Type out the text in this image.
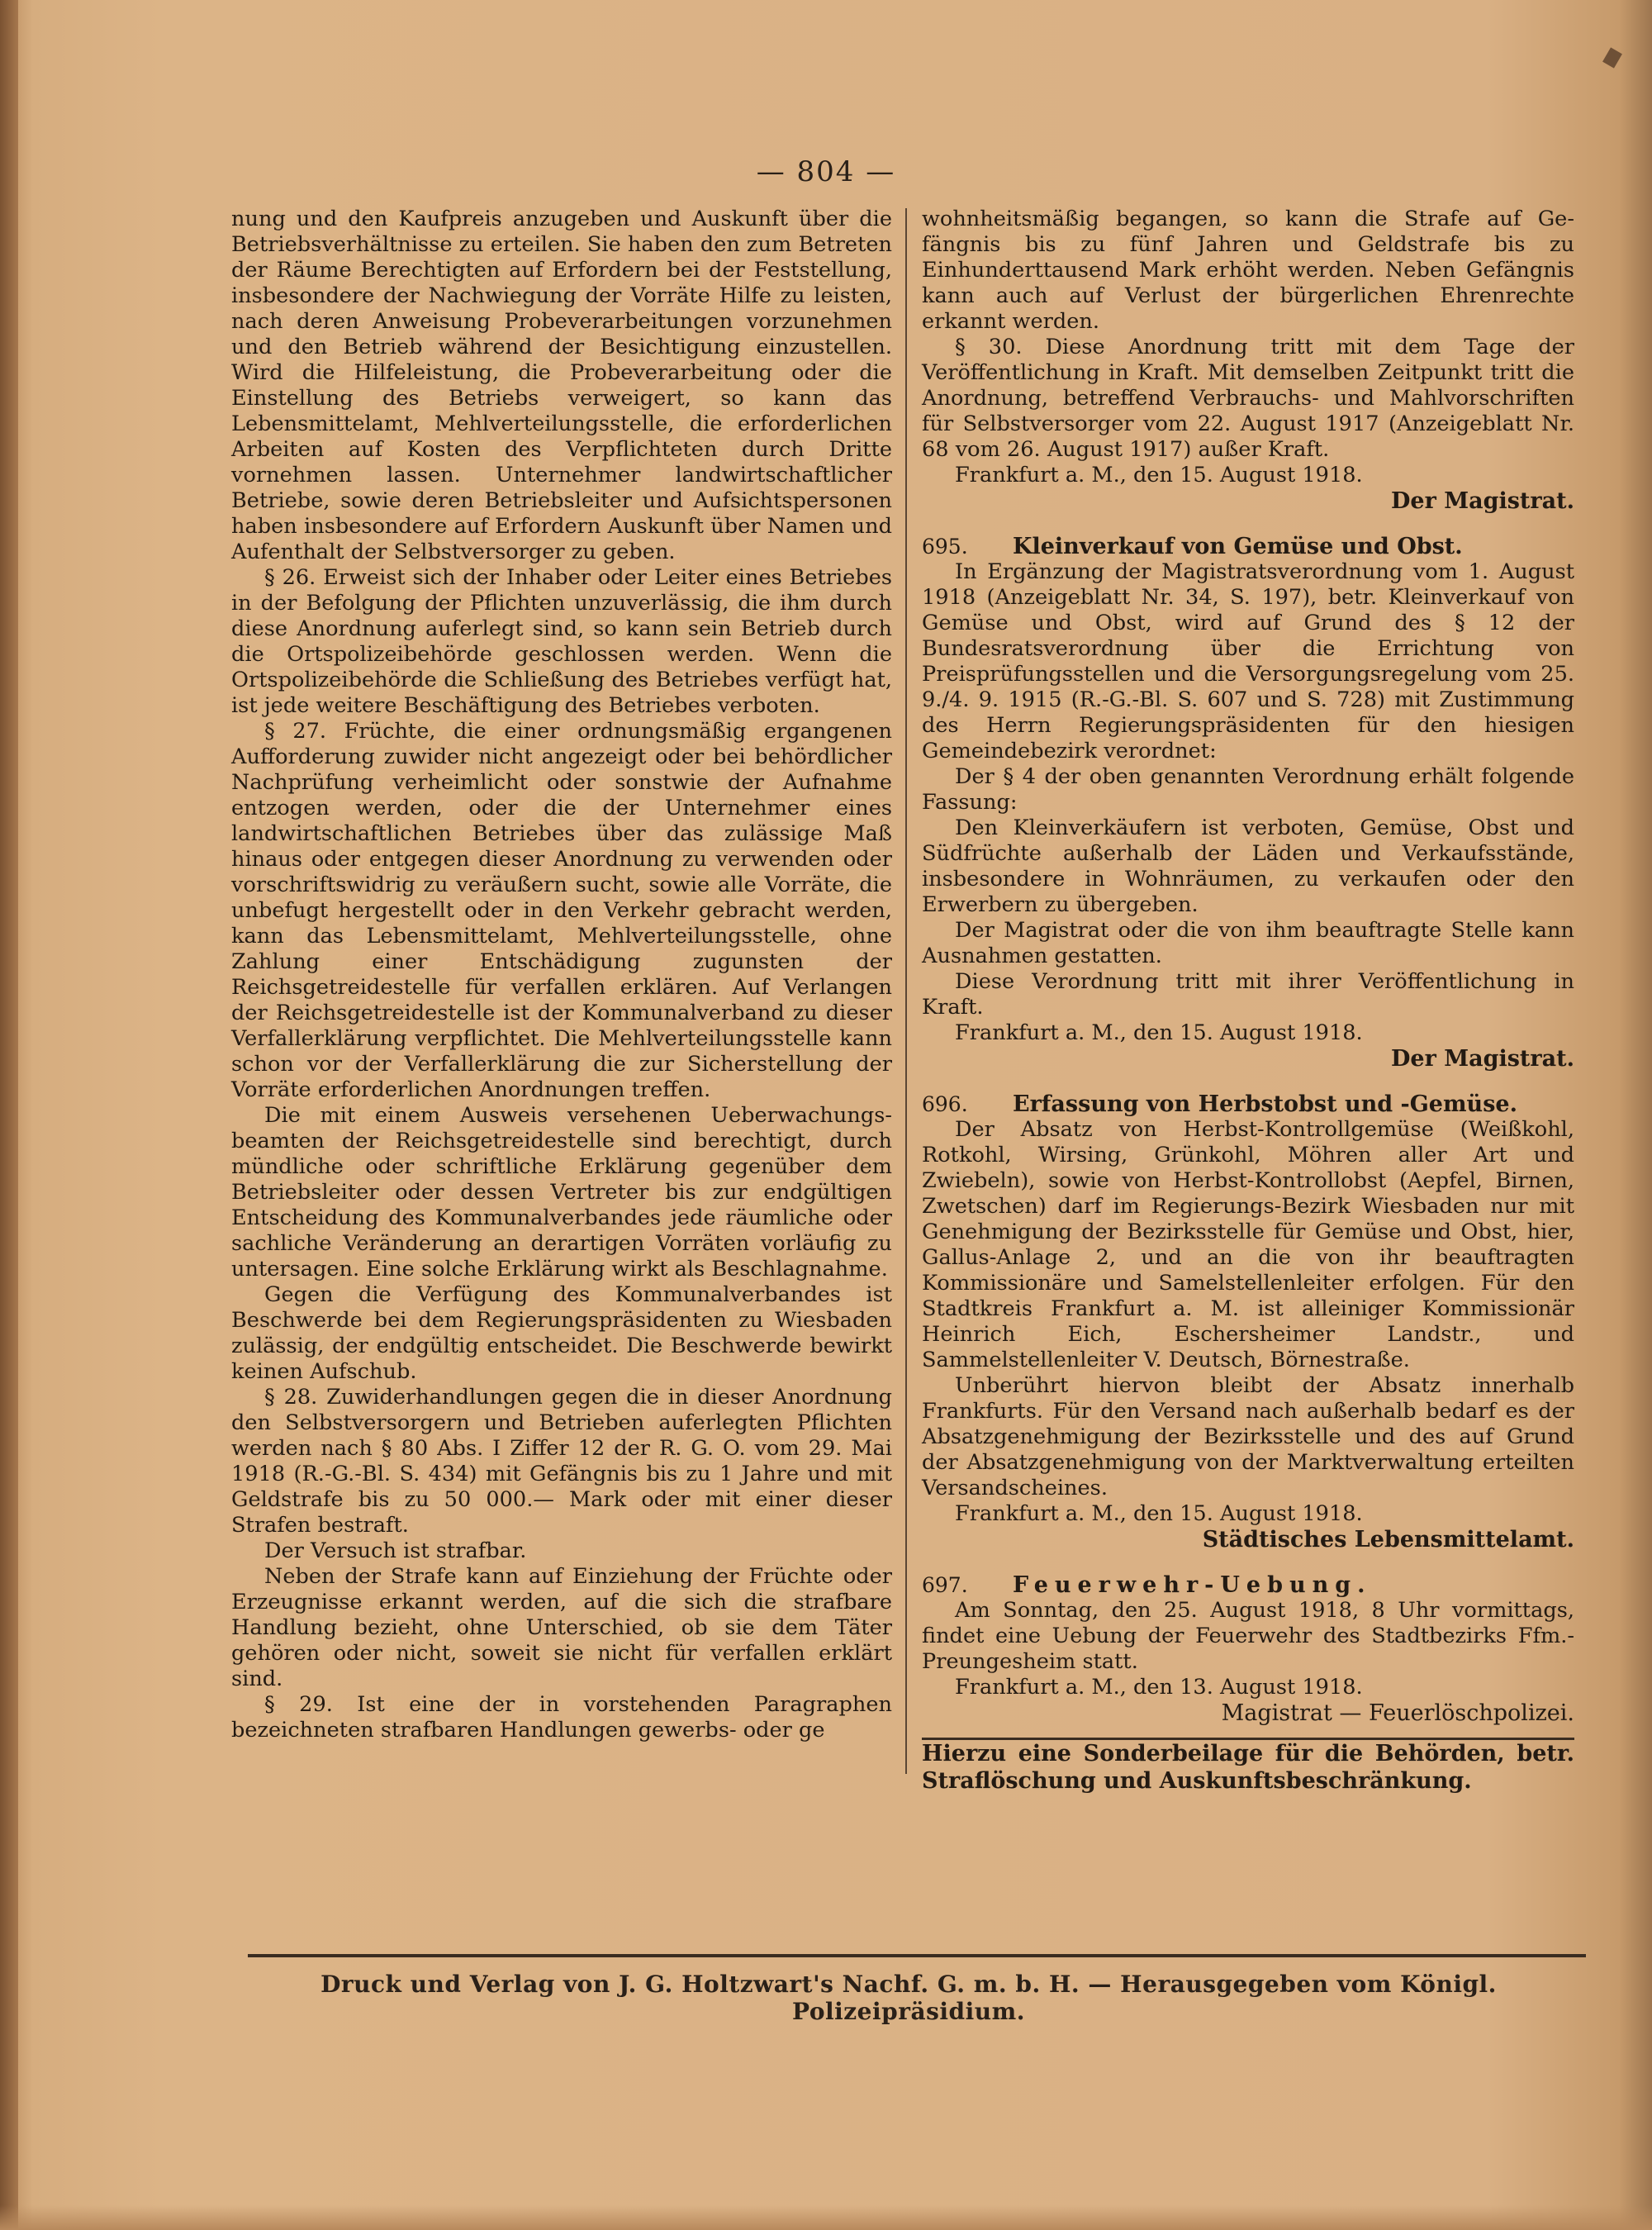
— 804 —

nung und den Kaufpreis anzugeben und Auskunft über die Betriebsverhältnisse zu erteilen. Sie haben den zum Betreten der Räume Berechtigten auf Erfordern bei der Feststellung, insbesondere der Nachwiegung der Vorräte Hilfe zu leisten, nach deren Anweisung Probeverarbeitungen vorzunehmen und den Betrieb während der Besichtigung einzustellen. Wird die Hilfeleistung, die Probeverarbeitung oder die Einstellung des Betriebs verweigert, so kann das Lebensmittelamt, Mehlverteilungsstelle, die erforderlichen Arbeiten auf Kosten des Verpflichteten durch Dritte vornehmen lassen. Unternehmer landwirtschaftlicher Betriebe, sowie deren Betriebsleiter und Aufsichtspersonen haben insbesondere auf Erfordern Auskunft über Namen und Aufenthalt der Selbstversorger zu geben.

§ 26. Erweist sich der Inhaber oder Leiter eines Betriebes in der Befolgung der Pflichten unzuverlässig, die ihm durch diese Anordnung auferlegt sind, so kann sein Betrieb durch die Ortspolizeibehörde geschlossen werden. Wenn die Ortspolizeibehörde die Schließung des Betriebes verfügt hat, ist jede weitere Beschäftigung des Betriebes verboten.

§ 27. Früchte, die einer ordnungsmäßig ergangenen Aufforderung zuwider nicht angezeigt oder bei behördlicher Nachprüfung verheimlicht oder sonstwie der Aufnahme entzogen werden, oder die der Unternehmer eines landwirtschaftlichen Betriebes über das zulässige Maß hinaus oder entgegen dieser Anordnung zu verwenden oder vorschriftswidrig zu veräußern sucht, sowie alle Vorräte, die unbefugt hergestellt oder in den Verkehr gebracht werden, kann das Lebensmittelamt, Mehlverteilungsstelle, ohne Zahlung einer Entschädigung zugunsten der Reichsgetreidestelle für verfallen erklären. Auf Verlangen der Reichsgetreidestelle ist der Kommunalverband zu dieser Verfallerklärung verpflichtet. Die Mehlverteilungsstelle kann schon vor der Verfallerklärung die zur Sicherstellung der Vorräte erforderlichen Anordnungen treffen.

Die mit einem Ausweis versehenen Ueberwachungsbeamten der Reichsgetreidestelle sind berechtigt, durch mündliche oder schriftliche Erklärung gegenüber dem Betriebsleiter oder dessen Vertreter bis zur endgültigen Entscheidung des Kommunalverbandes jede räumliche oder sachliche Veränderung an derartigen Vorräten vorläufig zu untersagen. Eine solche Erklärung wirkt als Beschlagnahme.

Gegen die Verfügung des Kommunalverbandes ist Beschwerde bei dem Regierungspräsidenten zu Wiesbaden zulässig, der endgültig entscheidet. Die Beschwerde bewirkt keinen Aufschub.

§ 28. Zuwiderhandlungen gegen die in dieser Anordnung den Selbstversorgern und Betrieben auferlegten Pflichten werden nach § 80 Abs. I Ziffer 12 der R. G. O. vom 29. Mai 1918 (R.-G.-Bl. S. 434) mit Gefängnis bis zu 1 Jahre und mit Geldstrafe bis zu 50 000.— Mark oder mit einer dieser Strafen bestraft.

Der Versuch ist strafbar.

Neben der Strafe kann auf Einziehung der Früchte oder Erzeugnisse erkannt werden, auf die sich die strafbare Handlung bezieht, ohne Unterschied, ob sie dem Täter gehören oder nicht, soweit sie nicht für verfallen erklärt sind.

§ 29. Ist eine der in vorstehenden Paragraphen bezeichneten strafbaren Handlungen gewerbs- oder ge

wohnheitsmäßig begangen, so kann die Strafe auf Gefängnis bis zu fünf Jahren und Geldstrafe bis zu Einhunderttausend Mark erhöht werden. Neben Gefängnis kann auch auf Verlust der bürgerlichen Ehrenrechte erkannt werden.

§ 30. Diese Anordnung tritt mit dem Tage der Veröffentlichung in Kraft. Mit demselben Zeitpunkt tritt die Anordnung, betreffend Verbrauchs- und Mahlvorschriften für Selbstversorger vom 22. August 1917 (Anzeigeblatt Nr. 68 vom 26. August 1917) außer Kraft.

Frankfurt a. M., den 15. August 1918.

Der Magistrat.

695.	Kleinverkauf von Gemüse und Obst.

In Ergänzung der Magistratsverordnung vom 1. August 1918 (Anzeigeblatt Nr. 34, S. 197), betr. Kleinverkauf von Gemüse und Obst, wird auf Grund des § 12 der Bundesratsverordnung über die Errichtung von Preisprüfungsstellen und die Versorgungsregelung vom 25. 9./4. 9. 1915 (R.-G.-Bl. S. 607 und S. 728) mit Zustimmung des Herrn Regierungspräsidenten für den hiesigen Gemeindebezirk verordnet:

Der § 4 der oben genannten Verordnung erhält folgende Fassung:

Den Kleinverkäufern ist verboten, Gemüse, Obst und Südfrüchte außerhalb der Läden und Verkaufsstände, insbesondere in Wohnräumen, zu verkaufen oder den Erwerbern zu übergeben.

Der Magistrat oder die von ihm beauftragte Stelle kann Ausnahmen gestatten.

Diese Verordnung tritt mit ihrer Veröffentlichung in Kraft.

Frankfurt a. M., den 15. August 1918.

Der Magistrat.

696.	Erfassung von Herbstobst und -Gemüse.

Der Absatz von Herbst-Kontrollgemüse (Weißkohl, Rotkohl, Wirsing, Grünkohl, Möhren aller Art und Zwiebeln), sowie von Herbst-Kontrollobst (Aepfel, Birnen, Zwetschen) darf im Regierungs-Bezirk Wiesbaden nur mit Genehmigung der Bezirksstelle für Gemüse und Obst, hier, Gallus-Anlage 2, und an die von ihr beauftragten Kommissionäre und Samelstellenleiter erfolgen. Für den Stadtkreis Frankfurt a. M. ist alleiniger Kommissionär Heinrich Eich, Eschersheimer Landstr., und Sammelstellenleiter V. Deutsch, Börnestraße.

Unberührt hiervon bleibt der Absatz innerhalb Frankfurts. Für den Versand nach außerhalb bedarf es der Absatzgenehmigung der Bezirksstelle und des auf Grund der Absatzgenehmigung von der Marktverwaltung erteilten Versandscheines.

Frankfurt a. M., den 15. August 1918.

Städtisches Lebensmittelamt.

697.	Feuerwehr-Uebung.

Am Sonntag, den 25. August 1918, 8 Uhr vormittags, findet eine Uebung der Feuerwehr des Stadtbezirks Ffm.-Preungesheim statt.

Frankfurt a. M., den 13. August 1918.

Magistrat — Feuerlöschpolizei.

Hierzu eine Sonderbeilage für die Behörden, betr. Straflöschung und Auskunftsbeschränkung.

Druck und Verlag von J. G. Holtzwart's Nachf. G. m. b. H. — Herausgegeben vom Königl. Polizeipräsidium.
